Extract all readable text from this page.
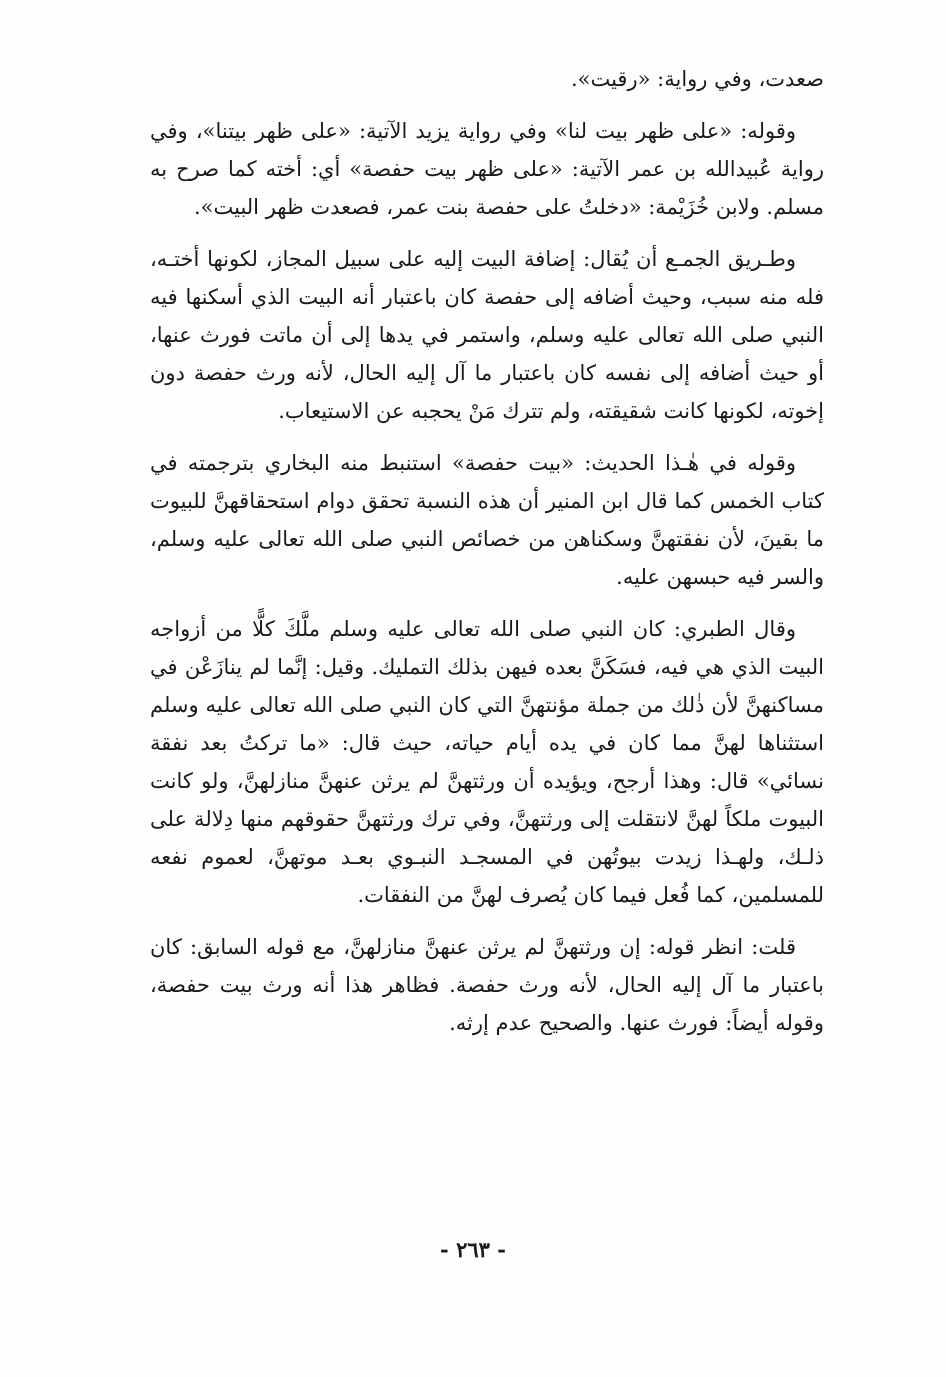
صعدت، وفي رواية: «رقيت».

وقوله: «على ظهر بيت لنا» وفي رواية يزيد الآتية: «على ظهر بيتنا»، وفي رواية عُبيدالله بن عمر الآتية: «على ظهر بيت حفصة» أي: أخته كما صرح به مسلم. ولابن خُزَيْمة: «دخلتُ على حفصة بنت عمر، فصعدت ظهر البيت».

وطـريق الجمـع أن يُقال: إضافة البيت إليه على سبيل المجاز، لكونها أختـه، فله منه سبب، وحيث أضافه إلى حفصة كان باعتبار أنه البيت الذي أسكنها فيه النبي صلى الله تعالى عليه وسلم، واستمر في يدها إلى أن ماتت فورث عنها، أو حيث أضافه إلى نفسه كان باعتبار ما آل إليه الحال، لأنه ورث حفصة دون إخوته، لكونها كانت شقيقته، ولم تترك مَنْ يحجبه عن الاستيعاب.

وقوله في هٰـذا الحديث: «بيت حفصة» استنبط منه البخاري بترجمته في كتاب الخمس كما قال ابن المنير أن هذه النسبة تحقق دوام استحقاقهنَّ للبيوت ما بقينَ، لأن نفقتهنَّ وسكناهن من خصائص النبي صلى الله تعالى عليه وسلم، والسر فيه حبسهن عليه.

وقال الطبري: كان النبي صلى الله تعالى عليه وسلم ملَّكَ كلًّا من أزواجه البيت الذي هي فيه، فسَكَنَّ بعده فيهن بذلك التمليك. وقيل: إنَّما لم ينازَعْن في مساكنهنَّ لأن ذٰلك من جملة مؤنتهنَّ التي كان النبي صلى الله تعالى عليه وسلم استثناها لهنَّ مما كان في يده أيام حياته، حيث قال: «ما تركتُ بعد نفقة نسائي» قال: وهذا أرجح، ويؤيده أن ورثتهنَّ لم يرثن عنهنَّ منازلهنَّ، ولو كانت البيوت ملكاً لهنَّ لانتقلت إلى ورثتهنَّ، وفي ترك ورثتهنَّ حقوقهم منها دِلالة على ذلـك، ولهـذا زيدت بيوتُهن في المسجـد النبـوي بعـد موتهنَّ، لعموم نفعه للمسلمين، كما فُعل فيما كان يُصرف لهنَّ من النفقات.

قلت: انظر قوله: إن ورثتهنَّ لم يرثن عنهنَّ منازلهنَّ، مع قوله السابق: كان باعتبار ما آل إليه الحال، لأنه ورث حفصة. فظاهر هذا أنه ورث بيت حفصة، وقوله أيضاً: فورث عنها. والصحيح عدم إرثه.

- ٢٦٣ -
